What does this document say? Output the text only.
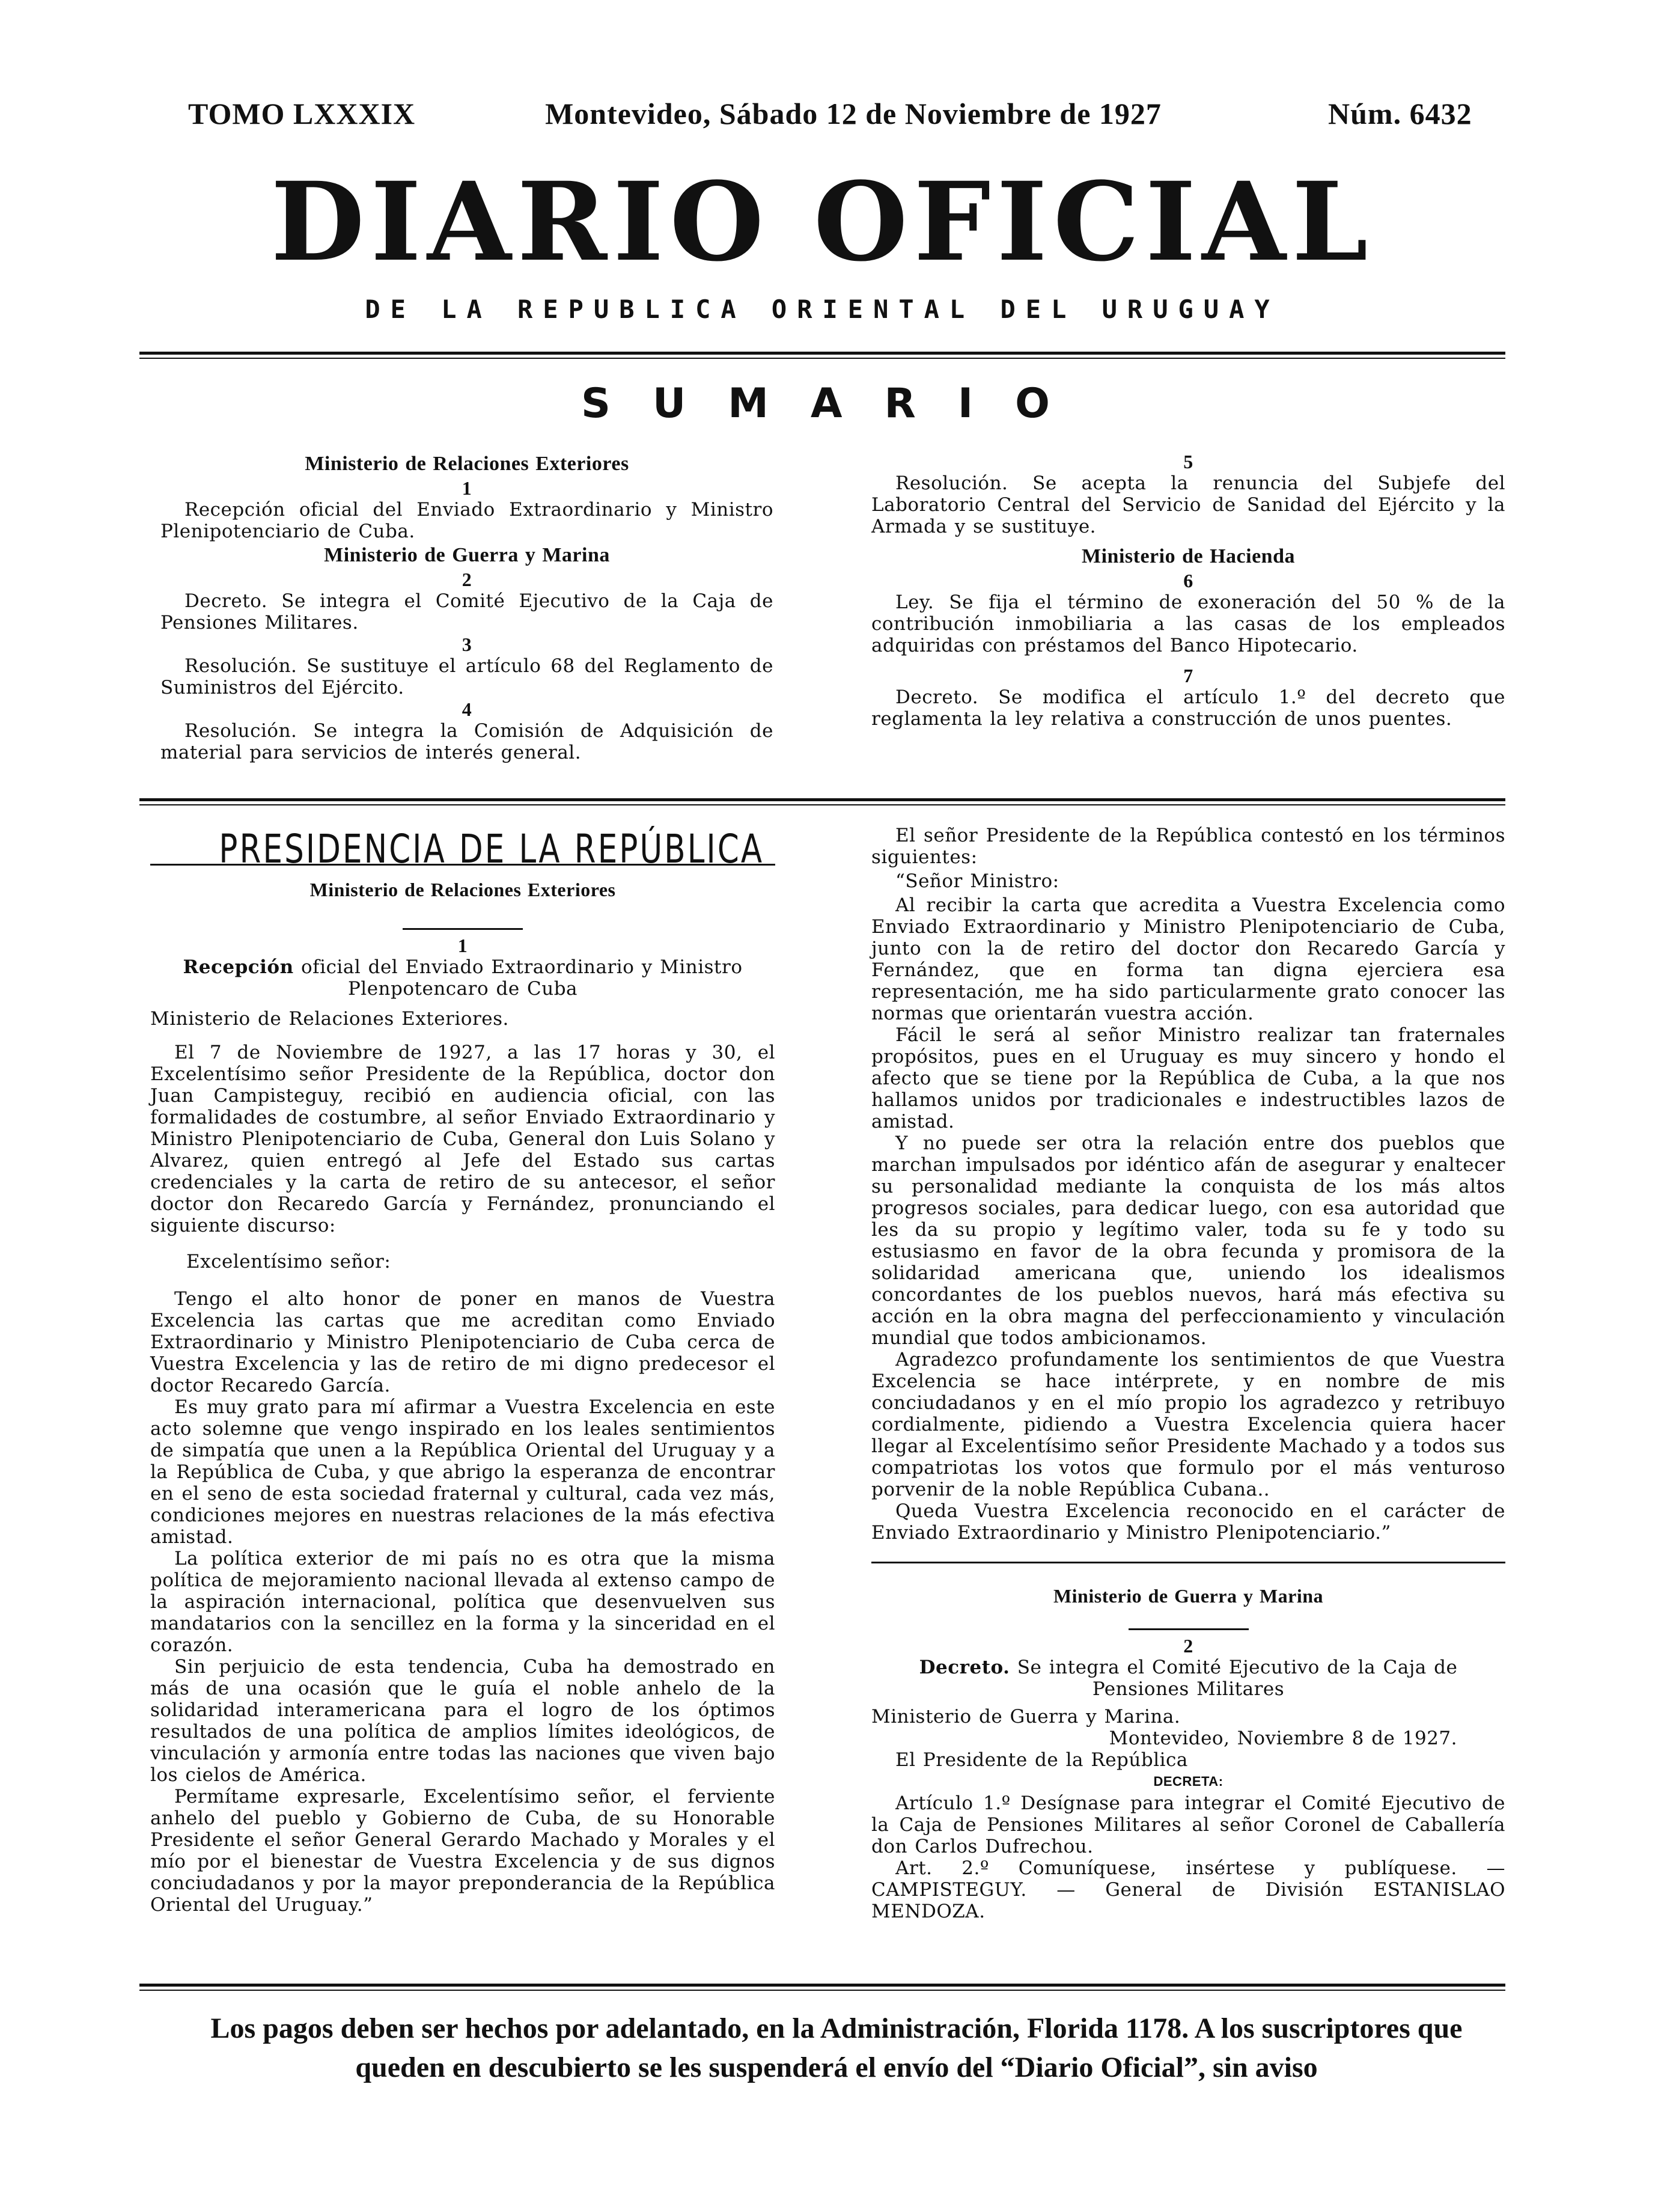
TOMO LXXXIX	Montevideo, Sábado 12 de Noviembre de 1927	Núm. 6432
DIARIO OFICIAL
DE LA REPUBLICA ORIENTAL DEL URUGUAY
SUMARIO
Ministerio de Relaciones Exteriores
1

Recepción oficial del Enviado Extraordinario y Ministro Plenipotenciario de Cuba.

Ministerio de Guerra y Marina
2

Decreto. Se integra el Comité Ejecutivo de la Caja de Pensiones Militares.

3

Resolución. Se sustituye el artículo 68 del Reglamento de Suministros del Ejército.

4

Resolución. Se integra la Comisión de Adquisición de material para servicios de interés general.

5

Resolución. Se acepta la renuncia del Subjefe del Laboratorio Central del Servicio de Sanidad del Ejército y la Armada y se sustituye.

Ministerio de Hacienda
6

Ley. Se fija el término de exoneración del 50 % de la contribución inmobiliaria a las casas de los empleados adquiridas con préstamos del Banco Hipotecario.

7

Decreto. Se modifica el artículo 1.º del decreto que reglamenta la ley relativa a construcción de unos puentes.

PRESIDENCIA DE LA REPÚBLICA
Ministerio de Relaciones Exteriores
1

Recepción oficial del Enviado Extraordinario y Ministro Plenpotencaro de Cuba

Ministerio de Relaciones Exteriores.

El 7 de Noviembre de 1927, a las 17 horas y 30, el Excelentísimo señor Presidente de la República, doctor don Juan Campisteguy, recibió en audiencia oficial, con las formalidades de costumbre, al señor Enviado Extraordinario y Ministro Plenipotenciario de Cuba, General don Luis Solano y Alvarez, quien entregó al Jefe del Estado sus cartas credenciales y la carta de retiro de su antecesor, el señor doctor don Recaredo García y Fernández, pronunciando el siguiente discurso:

Excelentísimo señor:

Tengo el alto honor de poner en manos de Vuestra Excelencia las cartas que me acreditan como Enviado Extraordinario y Ministro Plenipotenciario de Cuba cerca de Vuestra Excelencia y las de retiro de mi digno predecesor el doctor Recaredo García.

Es muy grato para mí afirmar a Vuestra Excelencia en este acto solemne que vengo inspirado en los leales sentimientos de simpatía que unen a la República Oriental del Uruguay y a la República de Cuba, y que abrigo la esperanza de encontrar en el seno de esta sociedad fraternal y cultural, cada vez más, condiciones mejores en nuestras relaciones de la más efectiva amistad.

La política exterior de mi país no es otra que la misma política de mejoramiento nacional llevada al extenso campo de la aspiración internacional, política que desenvuelven sus mandatarios con la sencillez en la forma y la sinceridad en el corazón.

Sin perjuicio de esta tendencia, Cuba ha demostrado en más de una ocasión que le guía el noble anhelo de la solidaridad interamericana para el logro de los óptimos resultados de una política de amplios límites ideológicos, de vinculación y armonía entre todas las naciones que viven bajo los cielos de América.

Permítame expresarle, Excelentísimo señor, el ferviente anhelo del pueblo y Gobierno de Cuba, de su Honorable Presidente el señor General Gerardo Machado y Morales y el mío por el bienestar de Vuestra Excelencia y de sus dignos conciudadanos y por la mayor preponderancia de la República Oriental del Uruguay.”

El señor Presidente de la República contestó en los términos siguientes:

“Señor Ministro:

Al recibir la carta que acredita a Vuestra Excelencia como Enviado Extraordinario y Ministro Plenipotenciario de Cuba, junto con la de retiro del doctor don Recaredo García y Fernández, que en forma tan digna ejerciera esa representación, me ha sido particularmente grato conocer las normas que orientarán vuestra acción.

Fácil le será al señor Ministro realizar tan fraternales propósitos, pues en el Uruguay es muy sincero y hondo el afecto que se tiene por la República de Cuba, a la que nos hallamos unidos por tradicionales e indestructibles lazos de amistad.

Y no puede ser otra la relación entre dos pueblos que marchan impulsados por idéntico afán de asegurar y enaltecer su personalidad mediante la conquista de los más altos progresos sociales, para dedicar luego, con esa autoridad que les da su propio y legítimo valer, toda su fe y todo su estusiasmo en favor de la obra fecunda y promisora de la solidaridad americana que, uniendo los idealismos concordantes de los pueblos nuevos, hará más efectiva su acción en la obra magna del perfeccionamiento y vinculación mundial que todos ambicionamos.

Agradezco profundamente los sentimientos de que Vuestra Excelencia se hace intérprete, y en nombre de mis conciudadanos y en el mío propio los agradezco y retribuyo cordialmente, pidiendo a Vuestra Excelencia quiera hacer llegar al Excelentísimo señor Presidente Machado y a todos sus compatriotas los votos que formulo por el más venturoso porvenir de la noble República Cubana..

Queda Vuestra Excelencia reconocido en el carácter de Enviado Extraordinario y Ministro Plenipotenciario.”

Ministerio de Guerra y Marina
2

Decreto. Se integra el Comité Ejecutivo de la Caja de Pensiones Militares

Ministerio de Guerra y Marina.

Montevideo, Noviembre 8 de 1927.

El Presidente de la República

DECRETA:

Artículo 1.º Desígnase para integrar el Comité Ejecutivo de la Caja de Pensiones Militares al señor Coronel de Caballería don Carlos Dufrechou.

Art. 2.º Comuníquese, insértese y publíquese. — CAMPISTEGUY. — General de División ESTANISLAO MENDOZA.

Los pagos deben ser hechos por adelantado, en la Administración, Florida 1178. A los suscriptores que
queden en descubierto se les suspenderá el envío del “Diario Oficial”, sin aviso
